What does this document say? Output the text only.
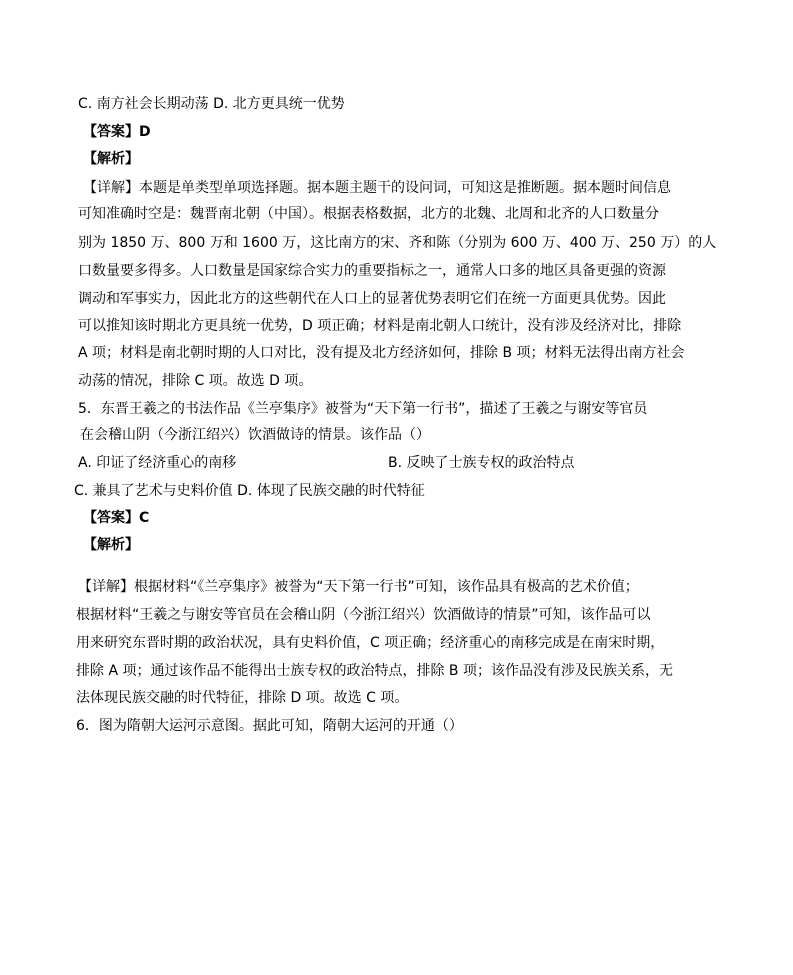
C. 南方社会长期动荡 D. 北方更具统一优势
【答案】D
【解析】
【详解】本题是单类型单项选择题。据本题主题干的设问词，可知这是推断题。据本题时间信息
可知准确时空是：魏晋南北朝（中国）。根据表格数据，北方的北魏、北周和北齐的人口数量分
别为 1850 万、800 万和 1600 万，这比南方的宋、齐和陈（分别为 600 万、400 万、250 万）的人
口数量要多得多。人口数量是国家综合实力的重要指标之一，通常人口多的地区具备更强的资源
调动和军事实力，因此北方的这些朝代在人口上的显著优势表明它们在统一方面更具优势。因此
可以推知该时期北方更具统一优势，D 项正确；材料是南北朝人口统计，没有涉及经济对比，排除
A 项；材料是南北朝时期的人口对比，没有提及北方经济如何，排除 B 项；材料无法得出南方社会
动荡的情况，排除 C 项。故选 D 项。
5．东晋王羲之的书法作品《兰亭集序》被誉为“天下第一行书”，描述了王羲之与谢安等官员
在会稽山阴（今浙江绍兴）饮酒做诗的情景。该作品（）
A. 印证了经济重心的南移	B. 反映了士族专权的政治特点
C. 兼具了艺术与史料价值 D. 体现了民族交融的时代特征
【答案】C
【解析】
【详解】根据材料“《兰亭集序》被誉为“天下第一行书”可知，该作品具有极高的艺术价值；
根据材料“王羲之与谢安等官员在会稽山阴（今浙江绍兴）饮酒做诗的情景”可知，该作品可以
用来研究东晋时期的政治状况，具有史料价值，C 项正确；经济重心的南移完成是在南宋时期，
排除 A 项；通过该作品不能得出士族专权的政治特点，排除 B 项；该作品没有涉及民族关系，无
法体现民族交融的时代特征，排除 D 项。故选 C 项。
6．图为隋朝大运河示意图。据此可知，隋朝大运河的开通（）
